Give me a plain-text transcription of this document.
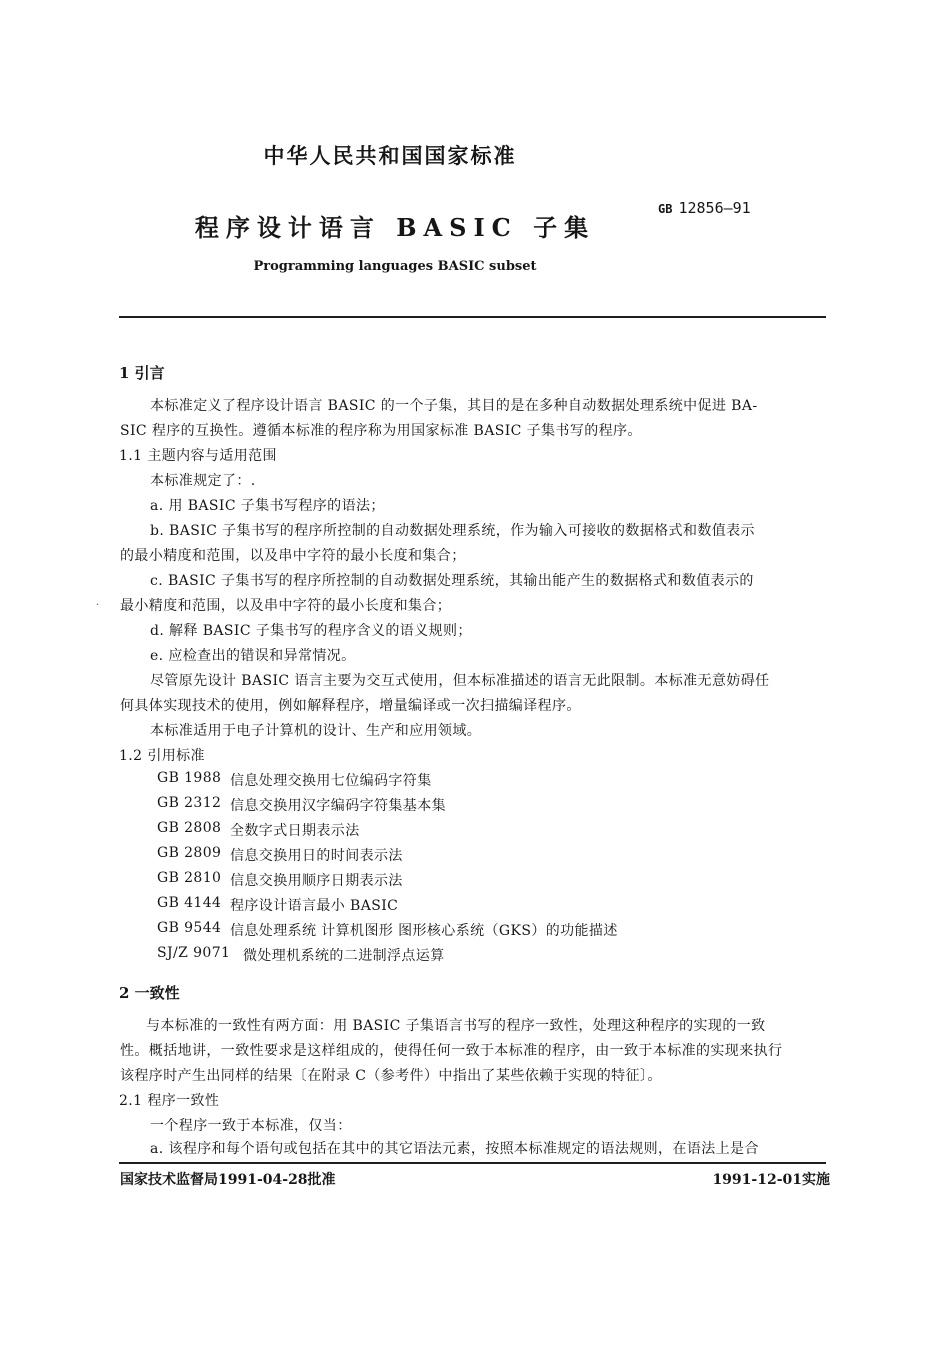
中华人民共和国国家标准
程序设计语言 BASIC 子集
GB 12856—91
Programming languages BASIC subset
1 引言
本标准定义了程序设计语言 BASIC 的一个子集，其目的是在多种自动数据处理系统中促进 BA-
SIC 程序的互换性。遵循本标准的程序称为用国家标准 BASIC 子集书写的程序。
1.1 主题内容与适用范围
本标准规定了：.
a. 用 BASIC 子集书写程序的语法；
b. BASIC 子集书写的程序所控制的自动数据处理系统，作为输入可接收的数据格式和数值表示
的最小精度和范围，以及串中字符的最小长度和集合；
c. BASIC 子集书写的程序所控制的自动数据处理系统，其输出能产生的数据格式和数值表示的
最小精度和范围，以及串中字符的最小长度和集合；
·
d. 解释 BASIC 子集书写的程序含义的语义规则；
e. 应检查出的错误和异常情况。
尽管原先设计 BASIC 语言主要为交互式使用，但本标准描述的语言无此限制。本标准无意妨碍任
何具体实现技术的使用，例如解释程序，增量编译或一次扫描编译程序。
本标准适用于电子计算机的设计、生产和应用领域。
1.2 引用标准
GB 1988 信息处理交换用七位编码字符集
GB 2312 信息交换用汉字编码字符集基本集
GB 2808 全数字式日期表示法
GB 2809 信息交换用日的时间表示法
GB 2810 信息交换用顺序日期表示法
GB 4144 程序设计语言最小 BASIC
GB 9544 信息处理系统 计算机图形 图形核心系统（GKS）的功能描述
SJ/Z 9071 微处理机系统的二进制浮点运算
2 一致性
与本标准的一致性有两方面：用 BASIC 子集语言书写的程序一致性，处理这种程序的实现的一致
性。概括地讲，一致性要求是这样组成的，使得任何一致于本标准的程序，由一致于本标准的实现来执行
该程序时产生出同样的结果〔在附录 C（参考件）中指出了某些依赖于实现的特征〕。
2.1 程序一致性
一个程序一致于本标准，仅当：
a. 该程序和每个语句或包括在其中的其它语法元素，按照本标准规定的语法规则，在语法上是合
国家技术监督局1991-04-28批准	1991-12-01实施
